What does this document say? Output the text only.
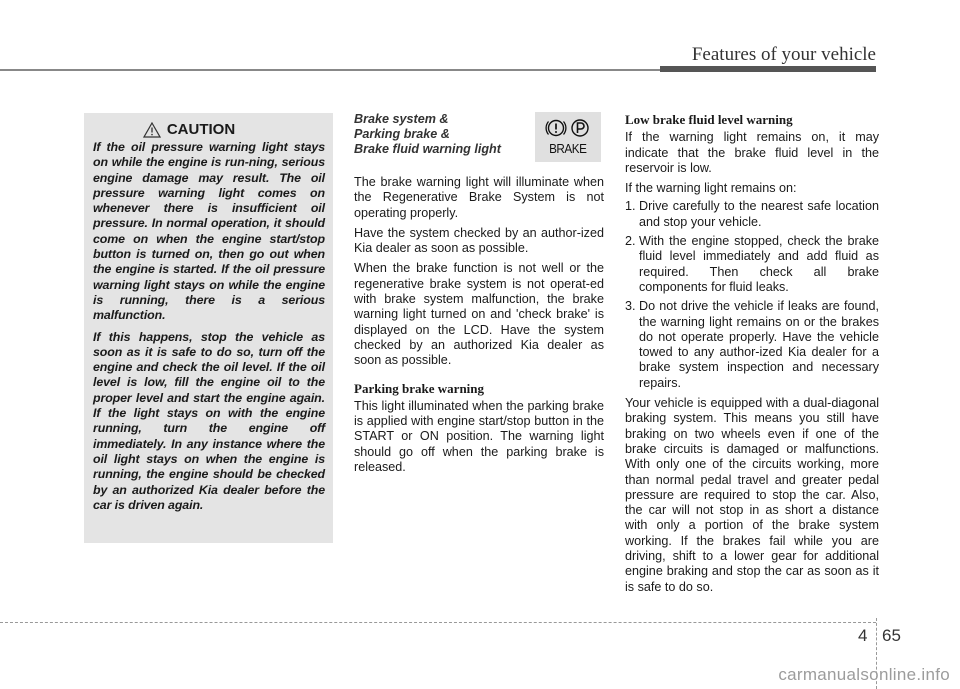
Features of your vehicle
CAUTION

If the oil pressure warning light stays on while the engine is run-ning, serious engine damage may result. The oil pressure warning light comes on whenever there is insufficient oil pressure. In normal operation, it should come on when the engine start/stop button is turned on, then go out when the engine is started. If the oil pressure warning light stays on while the engine is running, there is a serious malfunction.

If this happens, stop the vehicle as soon as it is safe to do so, turn off the engine and check the oil level. If the oil level is low, fill the engine oil to the proper level and start the engine again. If the light stays on with the engine running, turn the engine off immediately. In any instance where the oil light stays on when the engine is running, the engine should be checked by an authorized Kia dealer before the car is driven again.

Brake system &
Parking brake &
Brake fluid warning light	BRAKE

The brake warning light will illuminate when the Regenerative Brake System is not operating properly.

Have the system checked by an author-ized Kia dealer as soon as possible.

When the brake function is not well or the regenerative brake system is not operat-ed with brake system malfunction, the brake warning light turned on and 'check brake' is displayed on the LCD. Have the system checked by an authorized Kia dealer as soon as possible.

Parking brake warning

This light illuminated when the parking brake is applied with engine start/stop button in the START or ON position. The warning light should go off when the parking brake is released.

Low brake fluid level warning

If the warning light remains on, it may indicate that the brake fluid level in the reservoir is low.

If the warning light remains on:

1. Drive carefully to the nearest safe location and stop your vehicle.
2. With the engine stopped, check the brake fluid level immediately and add fluid as required. Then check all brake components for fluid leaks.
3. Do not drive the vehicle if leaks are found, the warning light remains on or the brakes do not operate properly. Have the vehicle towed to any author-ized Kia dealer for a brake system inspection and necessary repairs.

Your vehicle is equipped with a dual-diagonal braking system. This means you still have braking on two wheels even if one of the brake circuits is damaged or malfunctions. With only one of the circuits working, more than normal pedal travel and greater pedal pressure are required to stop the car. Also, the car will not stop in as short a distance with only a portion of the brake system working. If the brakes fail while you are driving, shift to a lower gear for additional engine braking and stop the car as soon as it is safe to do so.

4 65
carmanualsonline.info
